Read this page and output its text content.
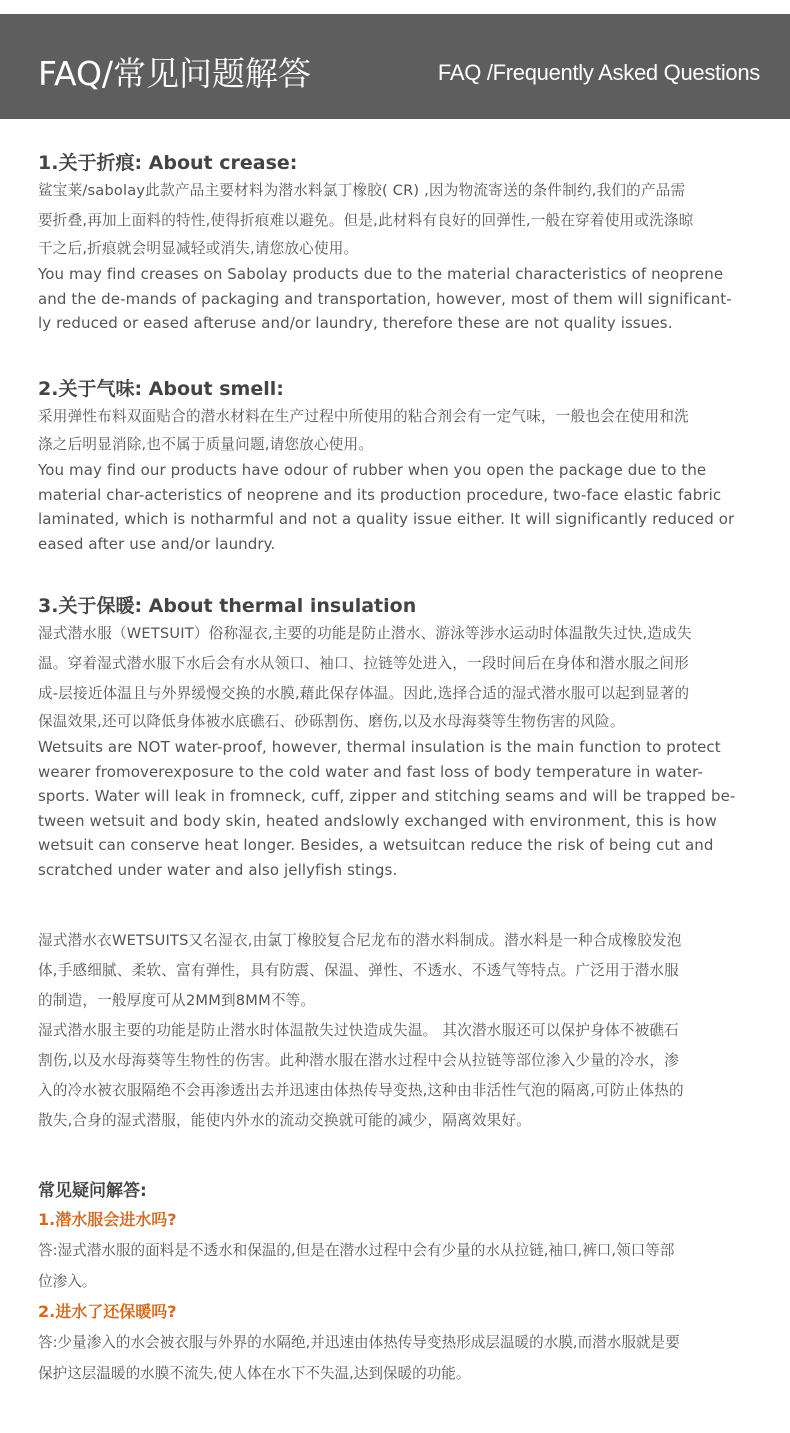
FAQ/常见问题解答	FAQ /Frequently Asked Questions

1.关于折痕: About crease:

鲨宝莱/sabolay此款产品主要材料为潜水料氯丁橡胶( CR) ,因为物流寄送的条件制约,我们的产品需

要折叠,再加上面料的特性,使得折痕难以避免。但是,此材料有良好的回弹性,一般在穿着使用或洗涤晾

干之后,折痕就会明显减轻或消失,请您放心使用。

You may find creases on Sabolay products due to the material characteristics of neoprene

and the de-mands of packaging and transportation, however, most of them will significant-

ly reduced or eased afteruse and/or laundry, therefore these are not quality issues.

2.关于气味: About smell:

采用弹性布料双面贴合的潜水材料在生产过程中所使用的粘合剂会有一定气味，一般也会在使用和洗

涤之后明显消除,也不属于质量问题,请您放心使用。

You may find our products have odour of rubber when you open the package due to the

material char-acteristics of neoprene and its production procedure, two-face elastic fabric

laminated, which is notharmful and not a quality issue either. It will significantly reduced or

eased after use and/or laundry.

3.关于保暖: About thermal insulation

湿式潜水服（WETSUIT）俗称湿衣,主要的功能是防止潜水、游泳等涉水运动时体温散失过快,造成失

温。穿着湿式潜水服下水后会有水从领口、袖口、拉链等处进入，一段时间后在身体和潜水服之间形

成-层接近体温且与外界缓慢交换的水膜,藉此保存体温。因此,选择合适的湿式潜水服可以起到显著的

保温效果,还可以降低身体被水底礁石、砂砾割伤、磨伤,以及水母海葵等生物伤害的风险。

Wetsuits are NOT water-proof, however, thermal insulation is the main function to protect

wearer fromoverexposure to the cold water and fast loss of body temperature in water-

sports. Water will leak in fromneck, cuff, zipper and stitching seams and will be trapped be-

tween wetsuit and body skin, heated andslowly exchanged with environment, this is how

wetsuit can conserve heat longer. Besides, a wetsuitcan reduce the risk of being cut and

scratched under water and also jellyfish stings.

湿式潜水衣WETSUITS又名湿衣,由氯丁橡胶复合尼龙布的潜水料制成。潜水料是一种合成橡胶发泡

体,手感细腻、柔软、富有弹性，具有防震、保温、弹性、不透水、不透气等特点。广泛用于潜水服

的制造，一般厚度可从2MM到8MM不等。

湿式潜水服主要的功能是防止潜水时体温散失过快造成失温。 其次潜水服还可以保护身体不被礁石

割伤,以及水母海葵等生物性的伤害。此种潜水服在潜水过程中会从拉链等部位渗入少量的冷水，渗

入的冷水被衣服隔绝不会再渗透出去并迅速由体热传导变热,这种由非活性气泡的隔离,可防止体热的

散失,合身的湿式潜服，能使内外水的流动交换就可能的减少，隔离效果好。

常见疑问解答:

1.潜水服会进水吗?

答:湿式潜水服的面料是不透水和保温的,但是在潜水过程中会有少量的水从拉链,袖口,裤口,领口等部

位渗入。

2.进水了还保暖吗?

答:少量渗入的水会被衣服与外界的水隔绝,并迅速由体热传导变热形成层温暖的水膜,而潜水服就是要

保护这层温暖的水膜不流失,使人体在水下不失温,达到保暖的功能。
